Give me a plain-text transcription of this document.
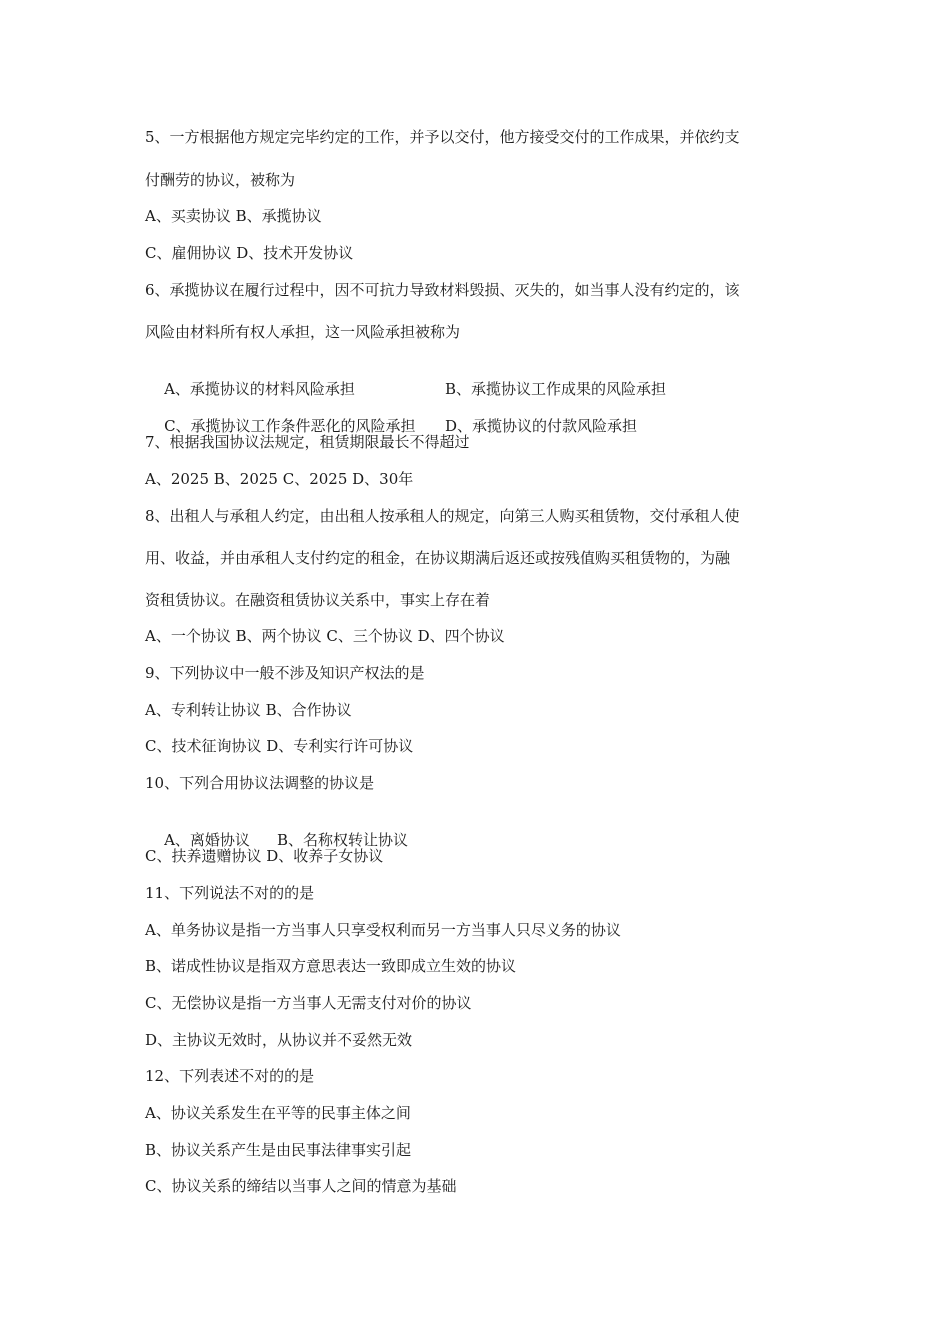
5、一方根据他方规定完毕约定的工作，并予以交付，他方接受交付的工作成果，并依约支
付酬劳的协议，被称为
A、买卖协议 B、承揽协议
C、雇佣协议 D、技术开发协议
6、承揽协议在履行过程中，因不可抗力导致材料毁损、灭失的，如当事人没有约定的，该
风险由材料所有权人承担，这一风险承担被称为

A、承揽协议的材料风险承担	B、承揽协议工作成果的风险承担

C、承揽协议工作条件恶化的风险承担 D、承揽协议的付款风险承担

7、根据我国协议法规定，租赁期限最长不得超过
A、2025 B、2025 C、2025 D、30年
8、出租人与承租人约定，由出租人按承租人的规定，向第三人购买租赁物，交付承租人使
用、收益，并由承租人支付约定的租金，在协议期满后返还或按残值购买租赁物的，为融
资租赁协议。在融资租赁协议关系中，事实上存在着
A、一个协议 B、两个协议 C、三个协议 D、四个协议
9、下列协议中一般不涉及知识产权法的是
A、专利转让协议 B、合作协议
C、技术征询协议 D、专利实行许可协议
10、下列合用协议法调整的协议是

A、离婚协议 B、名称权转让协议

C、扶养遗赠协议 D、收养子女协议
11、下列说法不对的的是
A、单务协议是指一方当事人只享受权利而另一方当事人只尽义务的协议
B、诺成性协议是指双方意思表达一致即成立生效的协议
C、无偿协议是指一方当事人无需支付对价的协议
D、主协议无效时，从协议并不妥然无效
12、下列表述不对的的是
A、协议关系发生在平等的民事主体之间
B、协议关系产生是由民事法律事实引起
C、协议关系的缔结以当事人之间的情意为基础
